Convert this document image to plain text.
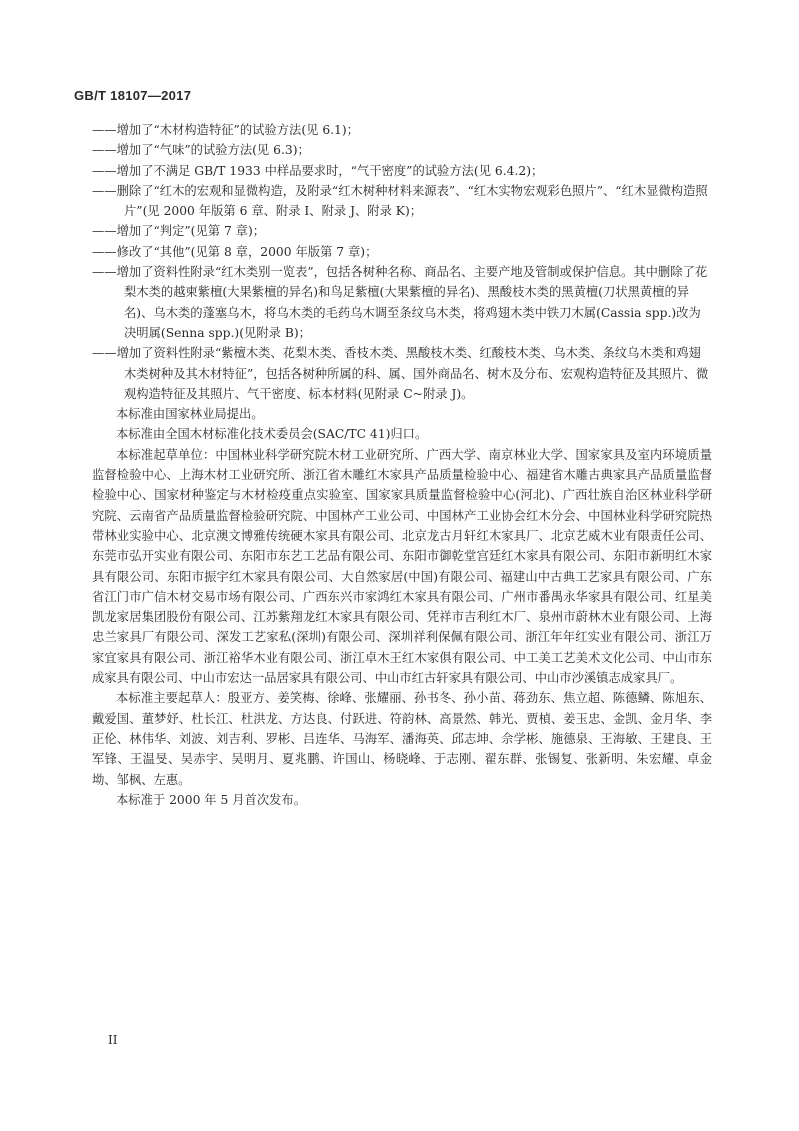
GB/T 18107—2017

——增加了“木材构造特征”的试验方法(见 6.1)；

——增加了“气味”的试验方法(见 6.3)；

——增加了不满足 GB/T 1933 中样品要求时，“气干密度”的试验方法(见 6.4.2)；

——删除了“红木的宏观和显微构造，及附录“红木树种材料来源表”、“红木实物宏观彩色照片”、“红木显微构造照片”(见 2000 年版第 6 章、附录 I、附录 J、附录 K)；

——增加了“判定”(见第 7 章)；

——修改了“其他”(见第 8 章，2000 年版第 7 章)；

——增加了资料性附录“红木类别一览表”，包括各树种名称、商品名、主要产地及管制或保护信息。其中删除了花梨木类的越柬紫檀(大果紫檀的异名)和鸟足紫檀(大果紫檀的异名)、黑酸枝木类的黑黄檀(刀状黑黄檀的异名)、乌木类的蓬塞乌木，将乌木类的毛药乌木调至条纹乌木类，将鸡翅木类中铁刀木属(Cassia spp.)改为决明属(Senna spp.)(见附录 B)；

——增加了资料性附录“紫檀木类、花梨木类、香枝木类、黑酸枝木类、红酸枝木类、乌木类、条纹乌木类和鸡翅木类树种及其木材特征”，包括各树种所属的科、属、国外商品名、树木及分布、宏观构造特征及其照片、微观构造特征及其照片、气干密度、标本材料(见附录 C~附录 J)。

本标准由国家林业局提出。

本标准由全国木材标准化技术委员会(SAC/TC 41)归口。

本标准起草单位：中国林业科学研究院木材工业研究所、广西大学、南京林业大学、国家家具及室内环境质量监督检验中心、上海木材工业研究所、浙江省木雕红木家具产品质量检验中心、福建省木雕古典家具产品质量监督检验中心、国家材种鉴定与木材检疫重点实验室、国家家具质量监督检验中心(河北)、广西壮族自治区林业科学研究院、云南省产品质量监督检验研究院、中国林产工业公司、中国林产工业协会红木分会、中国林业科学研究院热带林业实验中心、北京澳文博雅传统硬木家具有限公司、北京龙古月轩红木家具厂、北京艺威木业有限责任公司、东莞市弘开实业有限公司、东阳市东艺工艺品有限公司、东阳市御乾堂宫廷红木家具有限公司、东阳市新明红木家具有限公司、东阳市振宇红木家具有限公司、大自然家居(中国)有限公司、福建山中古典工艺家具有限公司、广东省江门市广信木材交易市场有限公司、广西东兴市家鸿红木家具有限公司、广州市番禺永华家具有限公司、红星美凯龙家居集团股份有限公司、江苏紫翔龙红木家具有限公司、凭祥市吉利红木厂、泉州市蔚林木业有限公司、上海忠兰家具厂有限公司、深发工艺家私(深圳)有限公司、深圳祥利保佩有限公司、浙江年年红实业有限公司、浙江万家宜家具有限公司、浙江裕华木业有限公司、浙江卓木王红木家俱有限公司、中工美工艺美术文化公司、中山市东成家具有限公司、中山市宏达一品居家具有限公司、中山市红古轩家具有限公司、中山市沙溪镇志成家具厂。

本标准主要起草人：殷亚方、姜笑梅、徐峰、张耀丽、孙书冬、孙小苗、蒋劲东、焦立超、陈德鳞、陈旭东、戴爱国、董梦妤、杜长江、杜洪龙、方达良、付跃进、符韵林、高景然、韩光、贾楨、姜玉忠、金凯、金月华、李正伦、林伟华、刘波、刘吉利、罗彬、吕连华、马海军、潘海英、邱志坤、佘学彬、施德泉、王海敏、王建良、王军锋、王温旻、吴赤宇、吴明月、夏兆鹏、许国山、杨晓峰、于志刚、翟东群、张锡复、张新明、朱宏耀、卓金坳、邹枫、左惠。

本标准于 2000 年 5 月首次发布。

II
